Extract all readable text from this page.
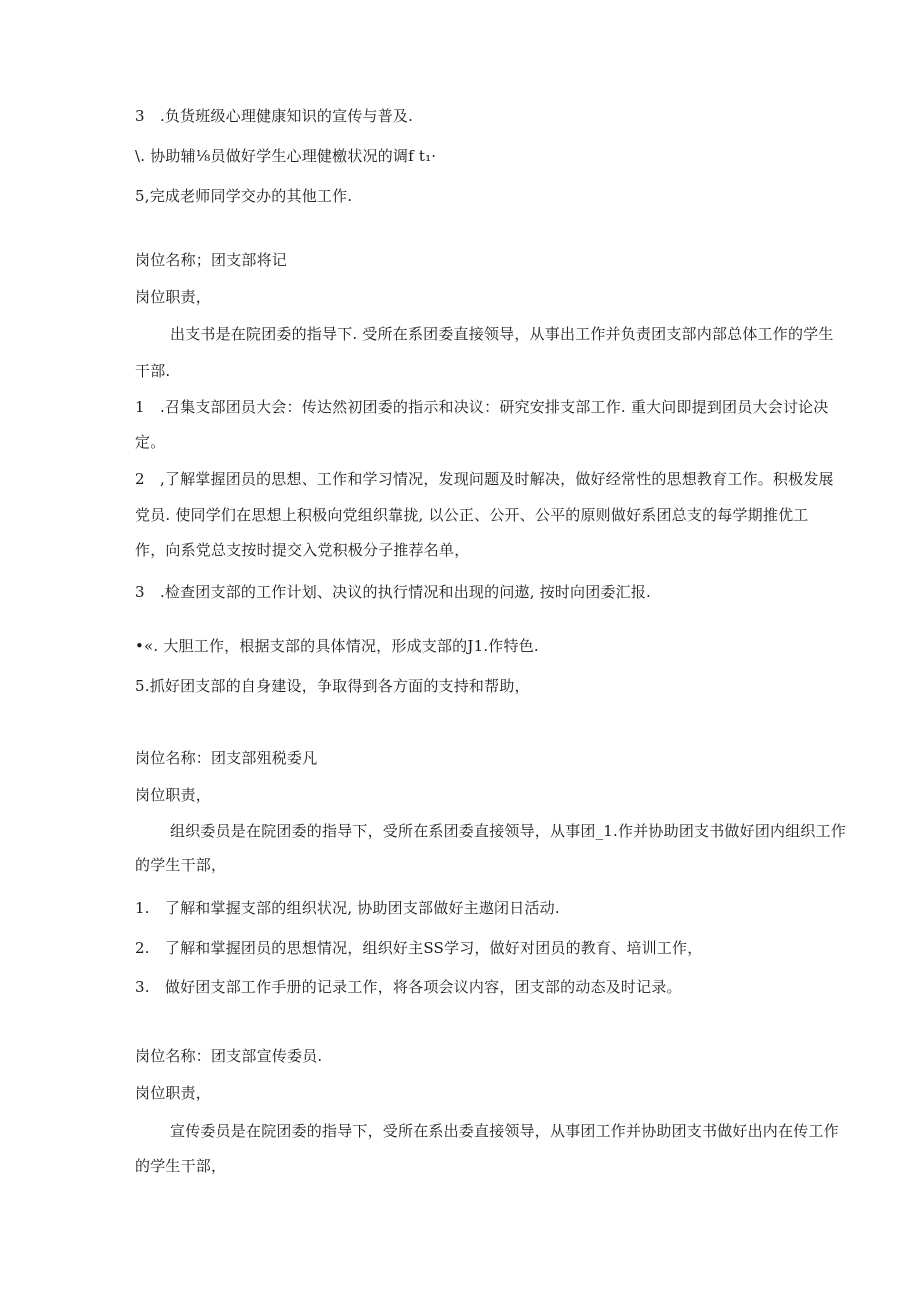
3　.负货班级心理健康知识的宣传与普及.
\. 协助辅⅛员做好学生心理健檄状况的调f t₁·
5,完成老师同学交办的其他工作.
岗位名称；团支部将记
岗位职责，
出支书是在院团委的指导下. 受所在系团委直接领导，从事出工作并负责团支部内部总体工作的学生
干部.
1　.召集支部团员大会：传达然初团委的指示和决议：研究安排支部工作. 重大问即提到团员大会讨论决
定。
2　,了解掌握团员的思想、工作和学习情况，发现问题及时解决，做好经常性的思想教育工作。积极发展
党员. 使同学们在思想上积极向党组织靠拢, 以公正、公开、公平的原则做好系团总支的每学期推优工
作，向系党总支按时提交入党积极分子推荐名单，
3　.检查团支部的工作计划、决议的执行情况和出现的问遨, 按时向团委汇报.
•«. 大胆工作，根据支部的具体情况，形成支部的J1.作特色.
5.抓好团支部的自身建设，争取得到各方面的支持和帮助，
岗位名称：团支部殂税委凡
岗位职责，
组织委员是在院团委的指导下，受所在系团委直接领导，从事团_1.作并协助团支书做好团内组织工作
的学生干部，
1.　了解和掌握支部的组织状况, 协助团支部做好主遨闭日活动.
2.　了解和掌握团员的思想情况，组织好主SS学习，做好对团员的教育、培训工作，
3.　做好团支部工作手册的记录工作，将各项会议内容，团支部的动态及时记录。
岗位名称：团支部宣传委员.
岗位职责，
宣传委员是在院团委的指导下，受所在系出委直接领导，从事团工作并协助团支书做好出内在传工作
的学生干部，
